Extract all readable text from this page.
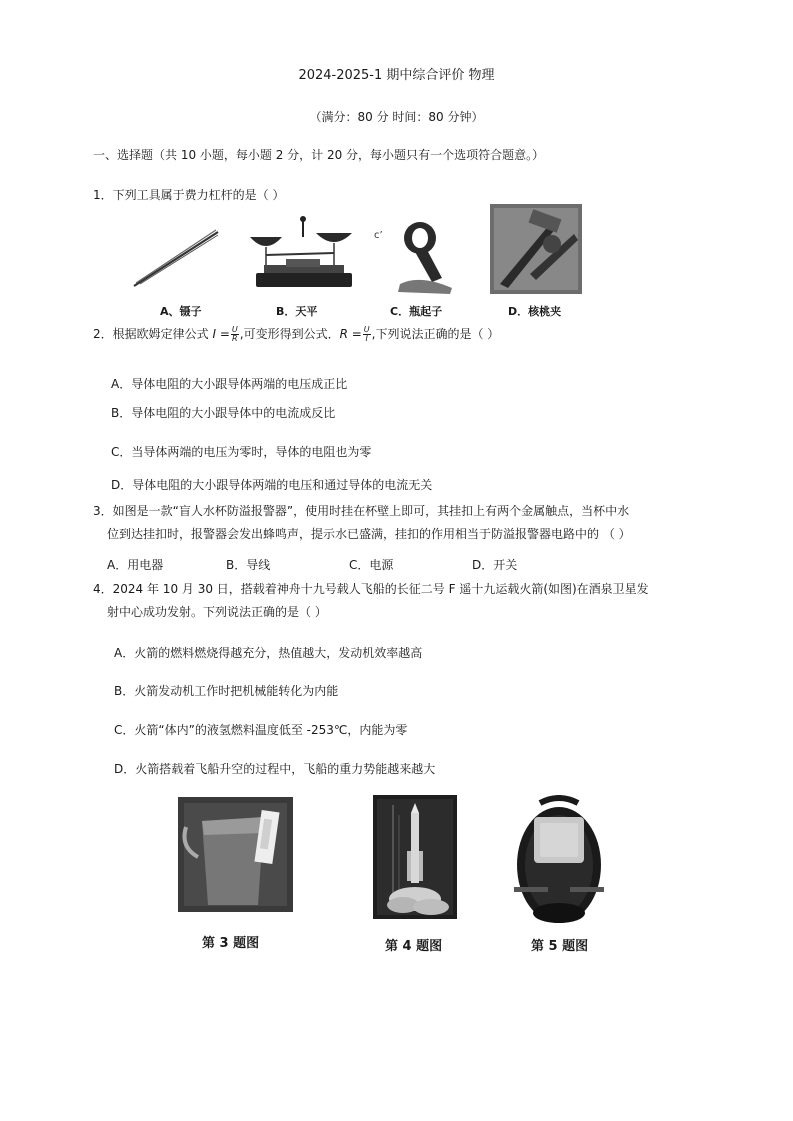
2024-2025-1 期中综合评价 物理
（满分：80 分 时间：80 分钟）
一、选择题（共 10 小题，每小题 2 分，计 20 分，每小题只有一个选项符合题意。）
1．下列工具属于费力杠杆的是（ ）
c’
A、镊子	B．天平	C．瓶起子	D．核桃夹
2．根据欧姆定律公式 $I = \frac{U}{R}$ ,可变形得到公式．$R = \frac{U}{I}$ ,下列说法正确的是（ ）
A．导体电阻的大小跟导体两端的电压成正比
B．导体电阻的大小跟导体中的电流成反比
C．当导体两端的电压为零时，导体的电阻也为零
D．导体电阻的大小跟导体两端的电压和通过导体的电流无关
3．如图是一款“盲人水杯防溢报警器”，使用时挂在杯壁上即可，其挂扣上有两个金属触点，当杯中水
位到达挂扣时，报警器会发出蜂鸣声，提示水已盛满，挂扣的作用相当于防溢报警器电路中的 （ ）
A．用电器	B．导线	C．电源	D．开关
4．2024 年 10 月 30 日，搭载着神舟十九号载人飞船的长征二号 F 遥十九运载火箭(如图)在酒泉卫星发
射中心成功发射。下列说法正确的是（ ）
A．火箭的燃料燃烧得越充分，热值越大，发动机效率越高
B．火箭发动机工作时把机械能转化为内能
C．火箭“体内”的液氢燃料温度低至 -253℃，内能为零
D．火箭搭载着飞船升空的过程中，飞船的重力势能越来越大
第 3 题图	第 4 题图	第 5 题图
